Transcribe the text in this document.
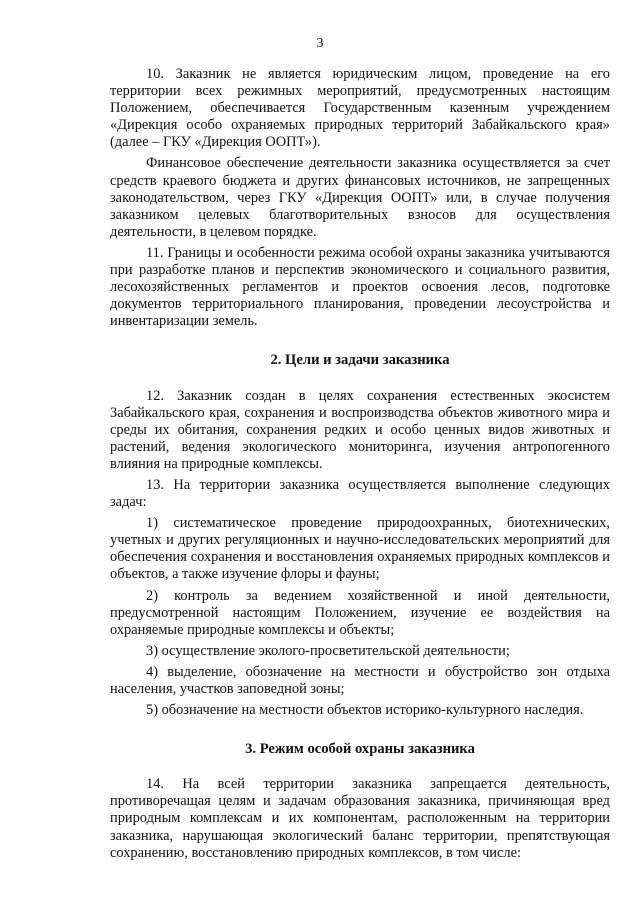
3

10. Заказник не является юридическим лицом, проведение на его территории всех режимных мероприятий, предусмотренных настоящим Положением, обеспечивается Государственным казенным учреждением «Дирекция особо охраняемых природных территорий Забайкальского края» (далее – ГКУ «Дирекция ООПТ»).

Финансовое обеспечение деятельности заказника осуществляется за счет средств краевого бюджета и других финансовых источников, не запрещенных законодательством, через ГКУ «Дирекция ООПТ» или, в случае получения заказником целевых благотворительных взносов для осуществления деятельности, в целевом порядке.

11. Границы и особенности режима особой охраны заказника учитываются при разработке планов и перспектив экономического и социального развития, лесохозяйственных регламентов и проектов освоения лесов, подготовке документов территориального планирования, проведении лесоустройства и инвентаризации земель.

2. Цели и задачи заказника

12. Заказник создан в целях сохранения естественных экосистем Забайкальского края, сохранения и воспроизводства объектов животного мира и среды их обитания, сохранения редких и особо ценных видов животных и растений, ведения экологического мониторинга, изучения антропогенного влияния на природные комплексы.

13. На территории заказника осуществляется выполнение следующих задач:

1) систематическое проведение природоохранных, биотехнических, учетных и других регуляционных и научно-исследовательских мероприятий для обеспечения сохранения и восстановления охраняемых природных комплексов и объектов, а также изучение флоры и фауны;

2) контроль за ведением хозяйственной и иной деятельности, предусмотренной настоящим Положением, изучение ее воздействия на охраняемые природные комплексы и объекты;

3) осуществление эколого-просветительской деятельности;

4) выделение, обозначение на местности и обустройство зон отдыха населения, участков заповедной зоны;

5) обозначение на местности объектов историко-культурного наследия.

3. Режим особой охраны заказника

14. На всей территории заказника запрещается деятельность, противоречащая целям и задачам образования заказника, причиняющая вред природным комплексам и их компонентам, расположенным на территории заказника, нарушающая экологический баланс территории, препятствующая сохранению, восстановлению природных комплексов, в том числе:
